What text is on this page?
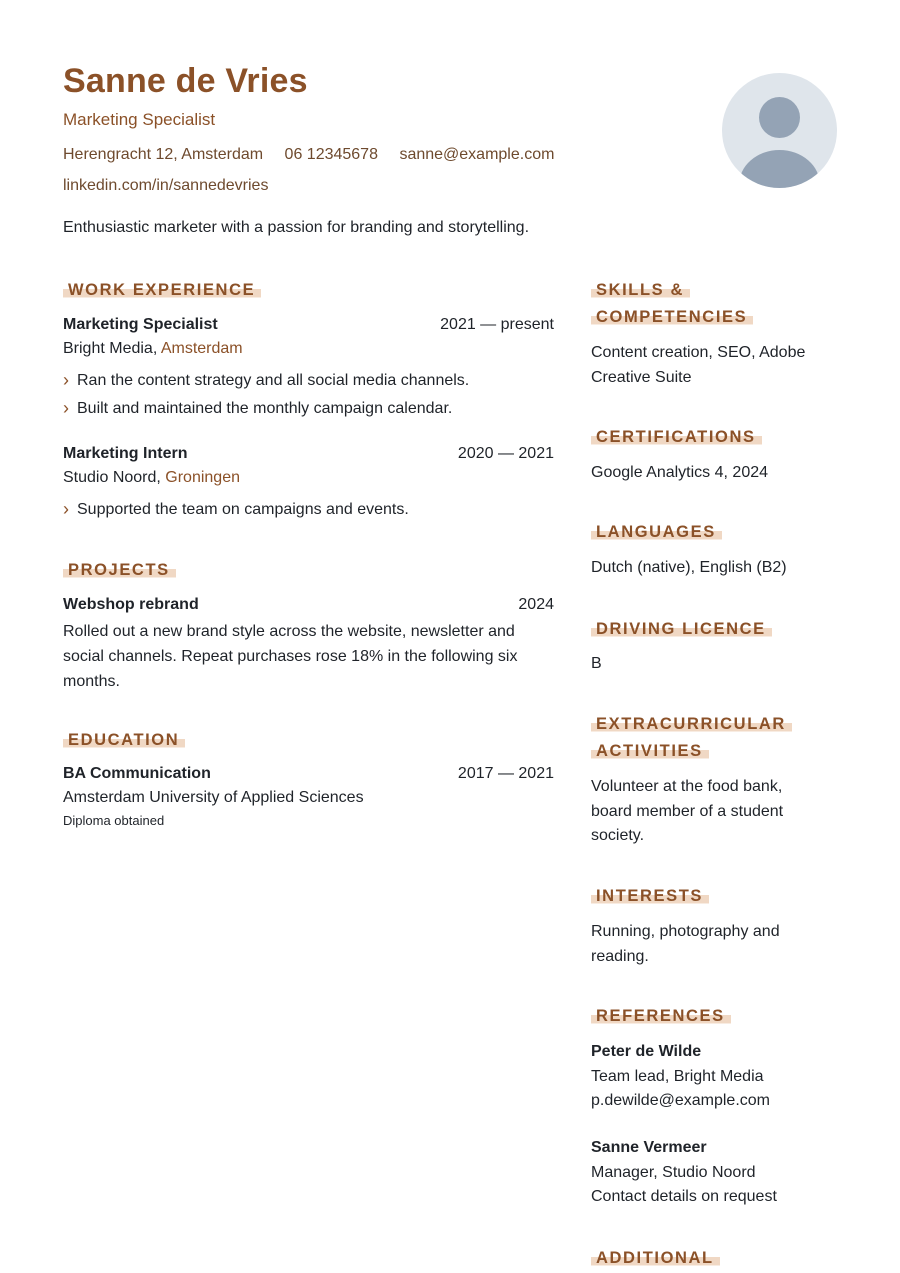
Sanne de Vries
Marketing Specialist
Herengracht 12, Amsterdam 06 12345678 sanne@example.com
linkedin.com/in/sannedevries
Enthusiastic marketer with a passion for branding and storytelling.
WORK EXPERIENCE
Marketing Specialist	2021 — present
Bright Media, Amsterdam
› Ran the content strategy and all social media channels.
› Built and maintained the monthly campaign calendar.
Marketing Intern	2020 — 2021
Studio Noord, Groningen
› Supported the team on campaigns and events.
PROJECTS
Webshop rebrand	2024
Rolled out a new brand style across the website, newsletter and social channels. Repeat purchases rose 18% in the following six months.
EDUCATION
BA Communication	2017 — 2021
Amsterdam University of Applied Sciences
Diploma obtained
SKILLS &
COMPETENCIES
Content creation, SEO, Adobe Creative Suite
CERTIFICATIONS
Google Analytics 4, 2024
LANGUAGES
Dutch (native), English (B2)
DRIVING LICENCE
B
EXTRACURRICULAR
ACTIVITIES
Volunteer at the food bank, board member of a student society.
INTERESTS
Running, photography and reading.
REFERENCES
Peter de Wilde
Team lead, Bright Media
p.dewilde@example.com
Sanne Vermeer
Manager, Studio Noord
Contact details on request
ADDITIONAL
